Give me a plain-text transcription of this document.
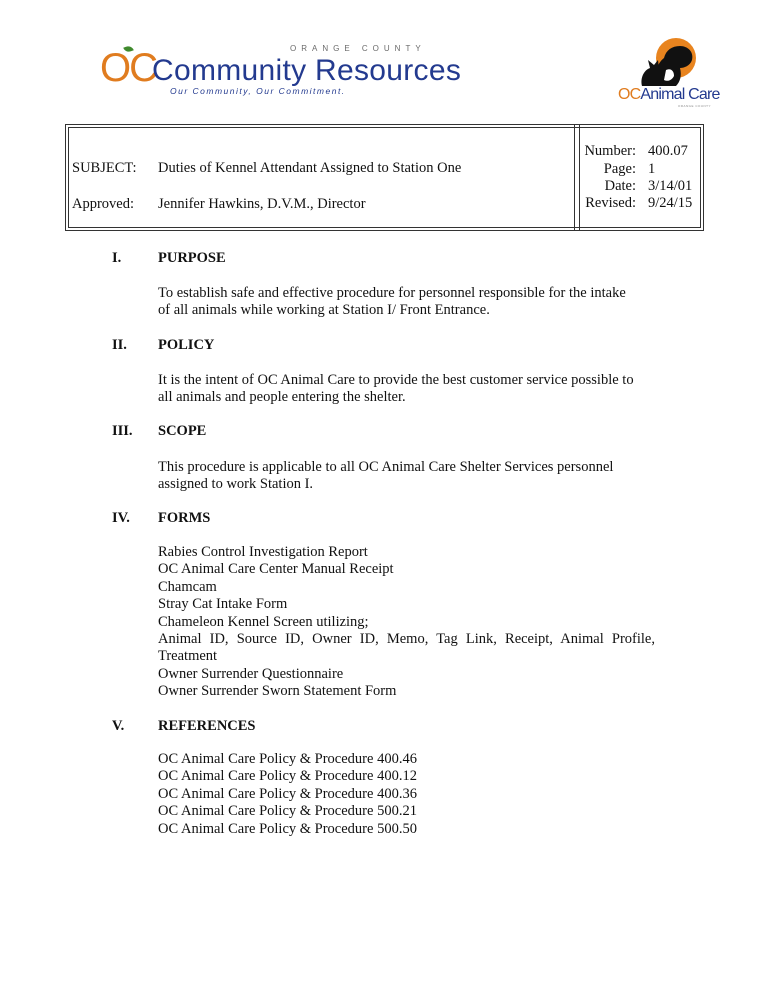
ORANGE COUNTY
OC
Community Resources
Our Community, Our Commitment.	OCAnimal Care
ORANGE COUNTY
SUBJECT: Duties of Kennel Attendant Assigned to Station One
Approved: Jennifer Hawkins, D.V.M., Director
Number: 400.07
Page: 1
Date: 3/14/01
Revised: 9/24/15
I.	PURPOSE
To establish safe and effective procedure for personnel responsible for the intake
of all animals while working at Station I/ Front Entrance.
II. POLICY
It is the intent of OC Animal Care to provide the best customer service possible to
all animals and people entering the shelter.
III. SCOPE
This procedure is applicable to all OC Animal Care Shelter Services personnel
assigned to work Station I.
IV. FORMS
Rabies Control Investigation Report
OC Animal Care Center Manual Receipt
Chamcam
Stray Cat Intake Form
Chameleon Kennel Screen utilizing;
Animal ID, Source ID, Owner ID, Memo, Tag Link, Receipt, Animal Profile,
Treatment
Owner Surrender Questionnaire
Owner Surrender Sworn Statement Form
V. REFERENCES
OC Animal Care Policy & Procedure 400.46
OC Animal Care Policy & Procedure 400.12
OC Animal Care Policy & Procedure 400.36
OC Animal Care Policy & Procedure 500.21
OC Animal Care Policy & Procedure 500.50
